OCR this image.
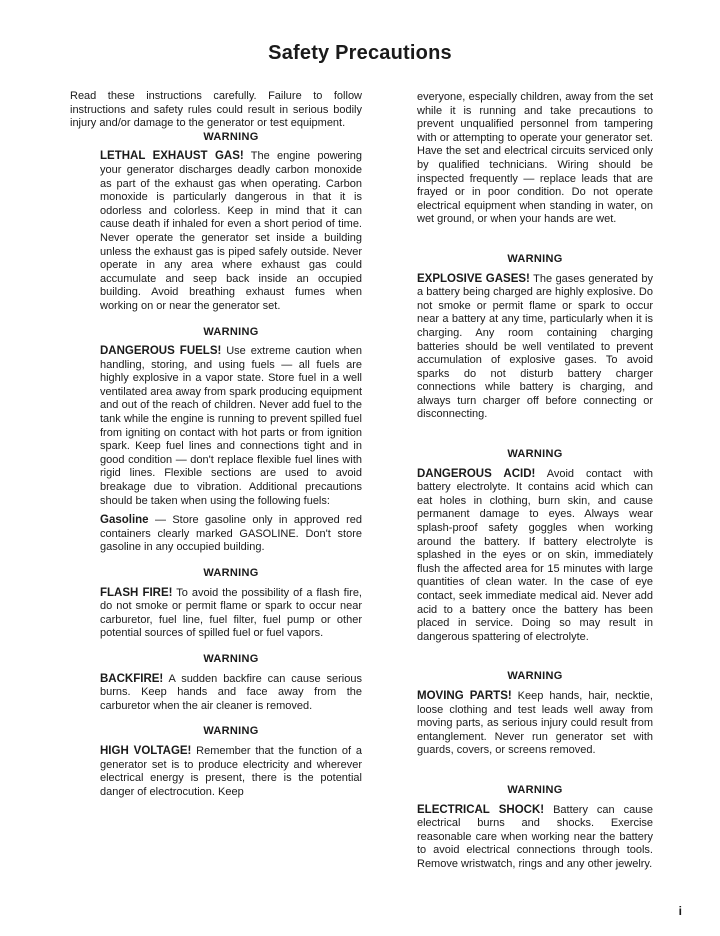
Safety Precautions

Read these instructions carefully. Failure to follow instructions and safety rules could result in serious bodily injury and/or damage to the generator or test equipment.

WARNING

LETHAL EXHAUST GAS! The engine powering your generator discharges deadly carbon monoxide as part of the exhaust gas when operating. Carbon monoxide is particularly dangerous in that it is odorless and colorless. Keep in mind that it can cause death if inhaled for even a short period of time. Never operate the generator set inside a building unless the exhaust gas is piped safely outside. Never operate in any area where exhaust gas could accumulate and seep back inside an occupied building. Avoid breathing exhaust fumes when working on or near the generator set.

WARNING

DANGEROUS FUELS! Use extreme caution when handling, storing, and using fuels — all fuels are highly explosive in a vapor state. Store fuel in a well ventilated area away from spark producing equipment and out of the reach of children. Never add fuel to the tank while the engine is running to prevent spilled fuel from igniting on contact with hot parts or from ignition spark. Keep fuel lines and connections tight and in good condition — don't replace flexible fuel lines with rigid lines. Flexible sections are used to avoid breakage due to vibration. Additional precautions should be taken when using the following fuels:

Gasoline — Store gasoline only in approved red containers clearly marked GASOLINE. Don't store gasoline in any occupied building.

WARNING

FLASH FIRE! To avoid the possibility of a flash fire, do not smoke or permit flame or spark to occur near carburetor, fuel line, fuel filter, fuel pump or other potential sources of spilled fuel or fuel vapors.

WARNING

BACKFIRE! A sudden backfire can cause serious burns. Keep hands and face away from the carburetor when the air cleaner is removed.

WARNING

HIGH VOLTAGE! Remember that the function of a generator set is to produce electricity and wherever electrical energy is present, there is the potential danger of electrocution. Keep

everyone, especially children, away from the set while it is running and take precautions to prevent unqualified personnel from tampering with or attempting to operate your generator set. Have the set and electrical circuits serviced only by qualified technicians. Wiring should be inspected frequently — replace leads that are frayed or in poor condition. Do not operate electrical equipment when standing in water, on wet ground, or when your hands are wet.

WARNING

EXPLOSIVE GASES! The gases generated by a battery being charged are highly explosive. Do not smoke or permit flame or spark to occur near a battery at any time, particularly when it is charging. Any room containing charging batteries should be well ventilated to prevent accumulation of explosive gases. To avoid sparks do not disturb battery charger connections while battery is charging, and always turn charger off before connecting or disconnecting.

WARNING

DANGEROUS ACID! Avoid contact with battery electrolyte. It contains acid which can eat holes in clothing, burn skin, and cause permanent damage to eyes. Always wear splash-proof safety goggles when working around the battery. If battery electrolyte is splashed in the eyes or on skin, immediately flush the affected area for 15 minutes with large quantities of clean water. In the case of eye contact, seek immediate medical aid. Never add acid to a battery once the battery has been placed in service. Doing so may result in dangerous spattering of electrolyte.

WARNING

MOVING PARTS! Keep hands, hair, necktie, loose clothing and test leads well away from moving parts, as serious injury could result from entanglement. Never run generator set with guards, covers, or screens removed.

WARNING

ELECTRICAL SHOCK! Battery can cause electrical burns and shocks. Exercise reasonable care when working near the battery to avoid electrical connections through tools. Remove wristwatch, rings and any other jewelry.

i
